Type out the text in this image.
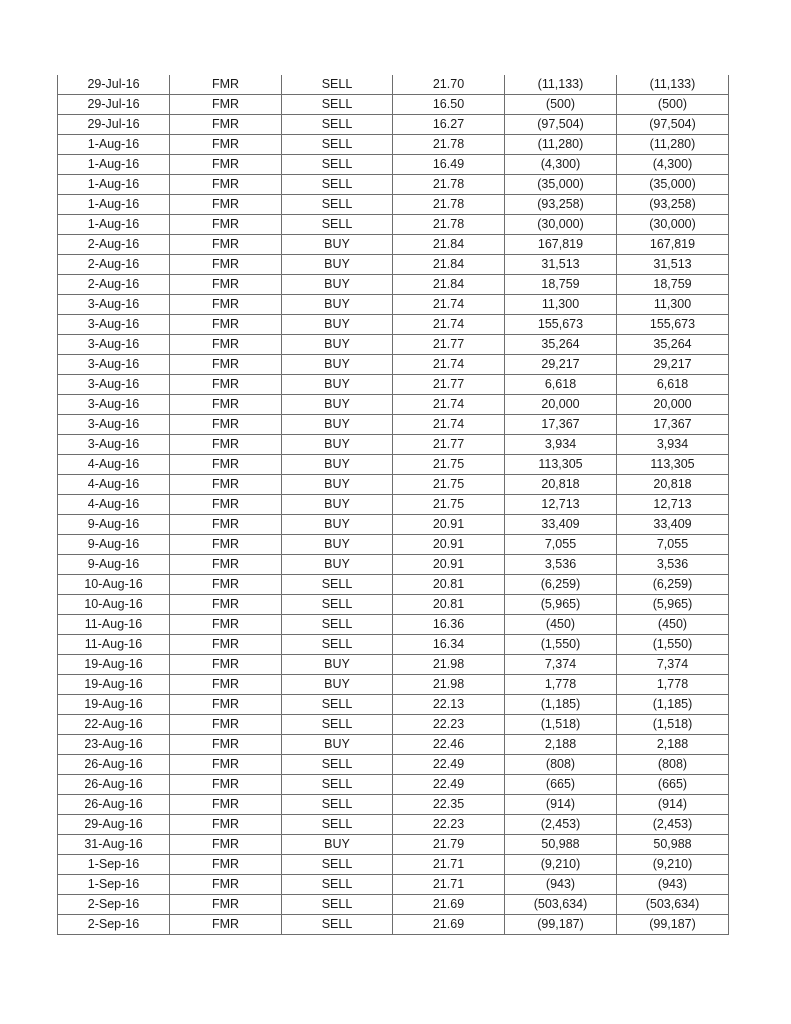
29-Jul-16	FMR	SELL	21.70	(11,133)	(11,133)
29-Jul-16	FMR	SELL	16.50	(500)	(500)
29-Jul-16	FMR	SELL	16.27	(97,504)	(97,504)
1-Aug-16	FMR	SELL	21.78	(11,280)	(11,280)
1-Aug-16	FMR	SELL	16.49	(4,300)	(4,300)
1-Aug-16	FMR	SELL	21.78	(35,000)	(35,000)
1-Aug-16	FMR	SELL	21.78	(93,258)	(93,258)
1-Aug-16	FMR	SELL	21.78	(30,000)	(30,000)
2-Aug-16	FMR	BUY	21.84	167,819	167,819
2-Aug-16	FMR	BUY	21.84	31,513	31,513
2-Aug-16	FMR	BUY	21.84	18,759	18,759
3-Aug-16	FMR	BUY	21.74	11,300	11,300
3-Aug-16	FMR	BUY	21.74	155,673	155,673
3-Aug-16	FMR	BUY	21.77	35,264	35,264
3-Aug-16	FMR	BUY	21.74	29,217	29,217
3-Aug-16	FMR	BUY	21.77	6,618	6,618
3-Aug-16	FMR	BUY	21.74	20,000	20,000
3-Aug-16	FMR	BUY	21.74	17,367	17,367
3-Aug-16	FMR	BUY	21.77	3,934	3,934
4-Aug-16	FMR	BUY	21.75	113,305	113,305
4-Aug-16	FMR	BUY	21.75	20,818	20,818
4-Aug-16	FMR	BUY	21.75	12,713	12,713
9-Aug-16	FMR	BUY	20.91	33,409	33,409
9-Aug-16	FMR	BUY	20.91	7,055	7,055
9-Aug-16	FMR	BUY	20.91	3,536	3,536
10-Aug-16	FMR	SELL	20.81	(6,259)	(6,259)
10-Aug-16	FMR	SELL	20.81	(5,965)	(5,965)
11-Aug-16	FMR	SELL	16.36	(450)	(450)
11-Aug-16	FMR	SELL	16.34	(1,550)	(1,550)
19-Aug-16	FMR	BUY	21.98	7,374	7,374
19-Aug-16	FMR	BUY	21.98	1,778	1,778
19-Aug-16	FMR	SELL	22.13	(1,185)	(1,185)
22-Aug-16	FMR	SELL	22.23	(1,518)	(1,518)
23-Aug-16	FMR	BUY	22.46	2,188	2,188
26-Aug-16	FMR	SELL	22.49	(808)	(808)
26-Aug-16	FMR	SELL	22.49	(665)	(665)
26-Aug-16	FMR	SELL	22.35	(914)	(914)
29-Aug-16	FMR	SELL	22.23	(2,453)	(2,453)
31-Aug-16	FMR	BUY	21.79	50,988	50,988
1-Sep-16	FMR	SELL	21.71	(9,210)	(9,210)
1-Sep-16	FMR	SELL	21.71	(943)	(943)
2-Sep-16	FMR	SELL	21.69	(503,634)	(503,634)
2-Sep-16	FMR	SELL	21.69	(99,187)	(99,187)
